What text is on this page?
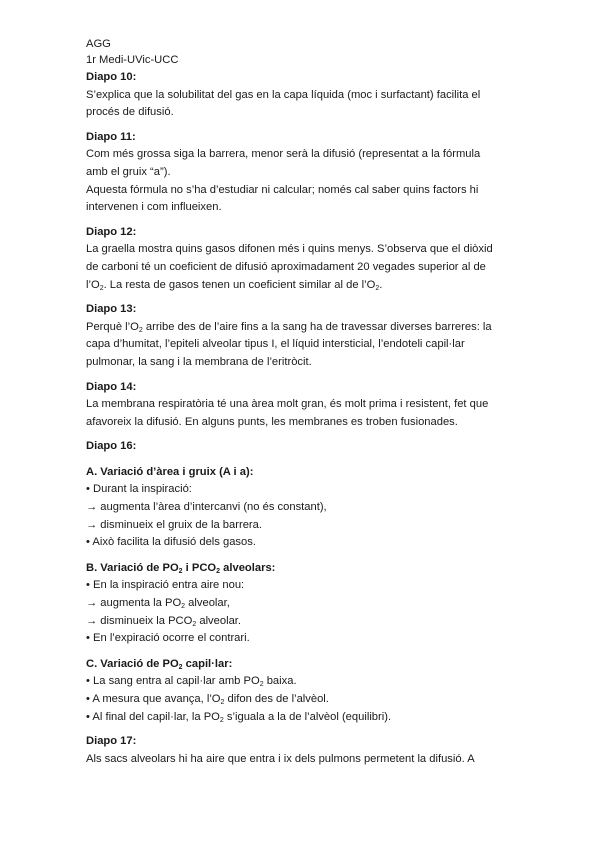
AGG
1r Medi-UVic-UCC
Diapo 10:
S’explica que la solubilitat del gas en la capa líquida (moc i surfactant) facilita el
procés de difusió.
Diapo 11:
Com més grossa siga la barrera, menor serà la difusió (representat a la fórmula
amb el gruix “a”).
Aquesta fórmula no s’ha d’estudiar ni calcular; només cal saber quins factors hi
intervenen i com influeixen.
Diapo 12:
La graella mostra quins gasos difonen més i quins menys. S’observa que el diòxid
de carboni té un coeficient de difusió aproximadament 20 vegades superior al de
$l’O_2$. La resta de gasos tenen un coeficient similar al de $l’O_2$.
Diapo 13:
Perquè $l’O_2$ arribe des de l’aire fins a la sang ha de travessar diverses barreres: la
capa d’humitat, l’epiteli alveolar tipus I, el líquid intersticial, l’endoteli capil·lar
pulmonar, la sang i la membrana de l’eritròcit.
Diapo 14:
La membrana respiratòria té una àrea molt gran, és molt prima i resistent, fet que
afavoreix la difusió. En alguns punts, les membranes es troben fusionades.
Diapo 16:
A. Variació d’àrea i gruix (A i a):
• Durant la inspiració:
→ augmenta l’àrea d’intercanvi (no és constant),
→ disminueix el gruix de la barrera.
• Això facilita la difusió dels gasos.
B. Variació de $PO_2$ i $PCO_2$ alveolars:
• En la inspiració entra aire nou:
→ augmenta la $PO_2$ alveolar,
→ disminueix la $PCO_2$ alveolar.
• En l’expiració ocorre el contrari.
C. Variació de $PO_2$ capil·lar:
• La sang entra al capil·lar amb $PO_2$ baixa.
• A mesura que avança, $l’O_2$ difon des de l’alvèol.
• Al final del capil·lar, la $PO_2$ s’iguala a la de l’alvèol (equilibri).
Diapo 17:
Als sacs alveolars hi ha aire que entra i ix dels pulmons permetent la difusió. A
